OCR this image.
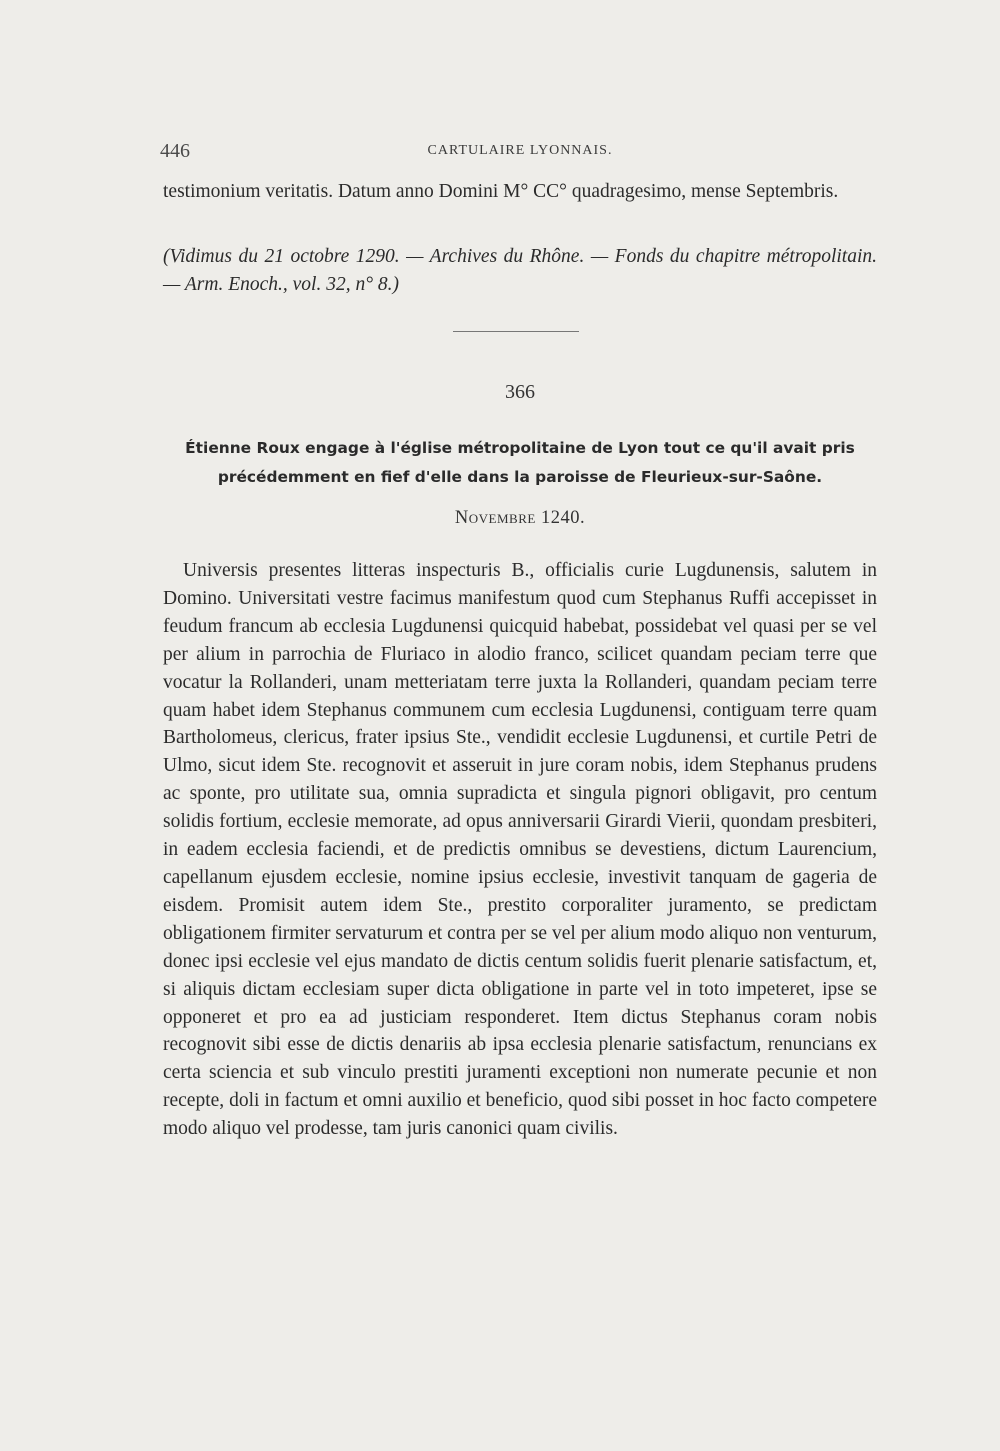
446	CARTULAIRE LYONNAIS.
testimonium veritatis. Datum anno Domini M° CC° quadragesimo, mense Septembris.
(Vidimus du 21 octobre 1290. — Archives du Rhône. — Fonds du chapitre métropolitain. — Arm. Enoch., vol. 32, n° 8.)
366
Étienne Roux engage à l'église métropolitaine de Lyon tout ce qu'il avait pris
précédemment en fief d'elle dans la paroisse de Fleurieux-sur-Saône.
Novembre 1240.

Universis presentes litteras inspecturis B., officialis curie Lugdunensis, salutem in Domino. Universitati vestre facimus manifestum quod cum Stephanus Ruffi accepisset in feudum francum ab ecclesia Lugdunensi quicquid habebat, possidebat vel quasi per se vel per alium in parrochia de Fluriaco in alodio franco, scilicet quandam peciam terre que vocatur la Rollanderi, unam metteriatam terre juxta la Rollanderi, quandam peciam terre quam habet idem Stephanus communem cum ecclesia Lugdunensi, contiguam terre quam Bartholomeus, clericus, frater ipsius Ste., vendidit ecclesie Lugdunensi, et curtile Petri de Ulmo, sicut idem Ste. recognovit et asseruit in jure coram nobis, idem Stephanus prudens ac sponte, pro utilitate sua, omnia supradicta et singula pignori obligavit, pro centum solidis fortium, ecclesie memorate, ad opus anniversarii Girardi Vierii, quondam presbiteri, in eadem ecclesia faciendi, et de predictis omnibus se devestiens, dictum Laurencium, capellanum ejusdem ecclesie, nomine ipsius ecclesie, investivit tanquam de gageria de eisdem. Promisit autem idem Ste., prestito corporaliter juramento, se predictam obligationem firmiter servaturum et contra per se vel per alium modo aliquo non venturum, donec ipsi ecclesie vel ejus mandato de dictis centum solidis fuerit plenarie satisfactum, et, si aliquis dictam ecclesiam super dicta obligatione in parte vel in toto impeteret, ipse se opponeret et pro ea ad justiciam responderet. Item dictus Stephanus coram nobis recognovit sibi esse de dictis denariis ab ipsa ecclesia plenarie satisfactum, renuncians ex certa sciencia et sub vinculo prestiti juramenti exceptioni non numerate pecunie et non recepte, doli in factum et omni auxilio et beneficio, quod sibi posset in hoc facto competere modo aliquo vel prodesse, tam juris canonici quam civilis.
